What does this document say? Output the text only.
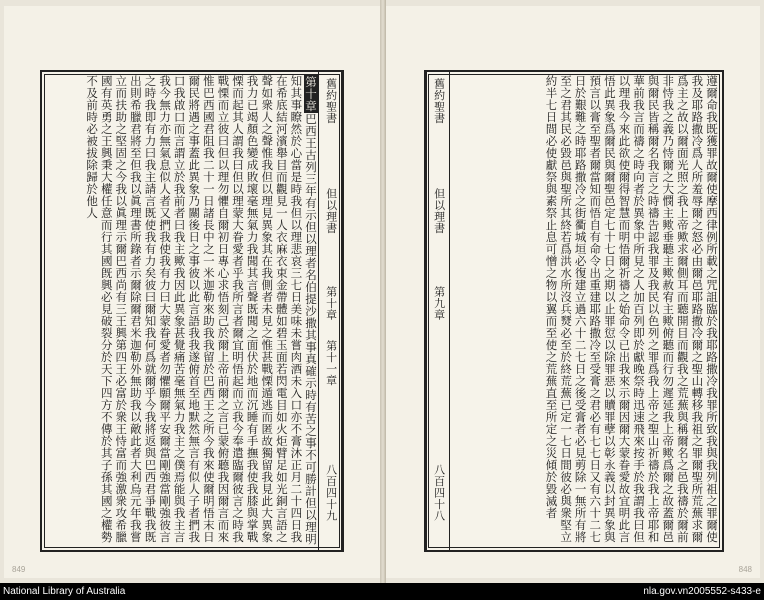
舊約聖書
但以理書
第十章
第十一章
八百四十九
第十章巴西王古列三年有示但以理者名伯提沙撒其事真確示時有苦之事不可勝計但以理明知其事瞭然於心當是時我但以理悲哀三七日美味未嘗肉酒未入口亦不膏沐正月二十四日我在希底結河濱舉目而觀見一人衣麻衣束金帶體如碧玉面若閃電目如火炬臂足如光銅言語之聲如衆人之聲惟我但以理見異象其在我側者未見之惟甚戰慄遁逃而匿故獨留我見此大異象我力已竭顏色變成敗壞毫無氣力我聞其言聲既聞之面伏於地而沉睡有手撫我使我膝與掌戰慄而起其人謂我曰但以理蒙大眷愛者乎我所言者爾宜明悟起而立我今奉遣臨爾彼言之時我戰慄而立彼曰但以理勿懼自爾初日專心求悟刻己於爾上帝前爾之言已蒙俯聽我因爾言而來惟巴西國君阻我二十一日諸長中之一米迦勒來助我我留於巴西王之所今我來使爾明悟末日爾民將遇之事蓋此異象乃關後日之事彼以此言語我我遂俯首至地默然無言有似人子者捫我口我啟口而言謂立於我前者曰我主歟我因此異象甚覺痛苦毫無氣力我主之僕焉能與我主言我今無力亦無氣息似人者又捫我使我有力曰大蒙眷愛者勿懼願爾平安爾當剛強當剛強彼言之時我即有力曰我主請言既使我有力矣彼曰爾知我何爲就爾乎今我將返與巴西君爭戰我既出則希臘君將至但我以眞理書所錄者示爾除爾君米迦勒外無助我以敵此者大利烏元年我嘗立而扶助之堅固之今我以眞理示爾巴西尚有三王興第四王必富於衆王恃富而強激衆攻希臘國有英勇之王興秉大權任意而行其國旣興必見破裂分於天下四方不傳於其子孫其國之權勢不及前時必被拔除歸於他人
849
舊約聖書
但以理書
第九章
八百四十八	遵爾命我既獲罪故爾使摩西律例所載之咒詛臨於我耶路撒冷我罪所致我與我列祖之罪爾使我及耶路撒冷爲人所羞辱爾之怒必由爾邑耶路撒冷爾之聖山轉移我祖之罪爾聖所荒蕪求爾爲主之故以爾面光照之我上帝歟求爾側耳而聽開目而觀我之荒蕪與稱爾名之邑我禱於爾前非恃我之義乃恃爾之大憫主歟垂聽主歟赦宥主歟俯聽而行勿遲延我上帝歟爲爾之故蓋爾邑與爾民皆稱爾名我言之時禱告認我罪及我民以色列之罪爲我上帝之聖山祈禱於我上帝耶和華前我言而禱之時向者於異象中所見之人加百列即於獻晚祭時迅速飛來按手於我謂我曰但以理我今來此欲使爾得智慧而明悟爾祈禱之始命令已出我來示爾因爾大蒙眷愛故宜明此言悟此異象爲爾民與爾聖邑定七十七日之期以止罪愆以除罪惡以贖罪孽以彰永義以封異象與預言以膏至聖者爾當知而悟自有命令出重建耶路撒冷至受膏之君必有七七日又有六十二七日於艱難之時耶路撒冷之街衢城垣必復建立過六十二七日之後受膏者必見剪除一無所有將至之君其民必毀邑與聖所其終若爲洪水所沒兵燹必至於終荒蕪已定一七日間彼必與衆堅立約半七日間必使獻祭與素祭止息可憎之物以翼而至使之荒蕪直至所定之災傾於毀滅者
848
National Library of Australia	nla.gov.vn2005552-s433-e
